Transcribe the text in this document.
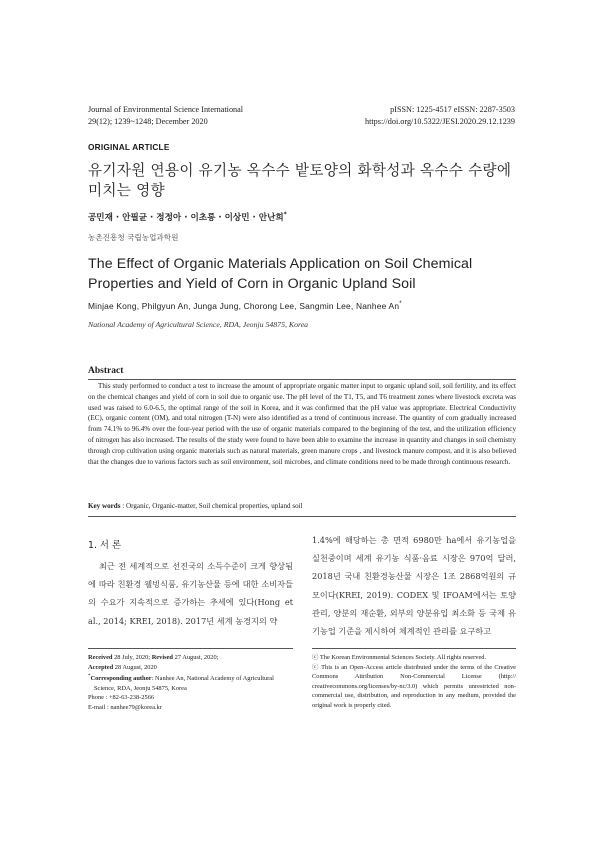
Journal of Environmental Science International
29(12); 1239~1248; December 2020
pISSN: 1225-4517 eISSN: 2287-3503
https://doi.org/10.5322/JESI.2020.29.12.1239
ORIGINAL ARTICLE
유기자원 연용이 유기농 옥수수 밭토양의 화학성과 옥수수 수량에
미치는 영향
공민재 · 안필균 · 정정아 · 이초롱 · 이상민 · 안난희*
농촌진흥청 국립농업과학원
The Effect of Organic Materials Application on Soil Chemical
Properties and Yield of Corn in Organic Upland Soil
Minjae Kong, Philgyun An, Junga Jung, Chorong Lee, Sangmin Lee, Nanhee An*
National Academy of Agricultural Science, RDA, Jeonju 54875, Korea
Abstract
This study performed to conduct a test to increase the amount of appropriate organic matter input to organic upland soil, soil fertility, and its effect on the chemical changes and yield of corn in soil due to organic use. The pH level of the T1, T5, and T6 treatment zones where livestock excreta was used was raised to 6.0-6.5, the optimal range of the soil in Korea, and it was confirmed that the pH value was appropriate. Electrical Conductivity (EC), organic content (OM), and total nitrogen (T-N) were also identified as a trend of continuous increase. The quantity of corn gradually increased from 74.1% to 96.4% over the four-year period with the use of organic materials compared to the beginning of the test, and the utilization efficiency of nitrogen has also increased. The results of the study were found to have been able to examine the increase in quantity and changes in soil chemistry through crop cultivation using organic materials such as natural materials, green manure crops , and livestock manure compost, and it is also believed that the changes due to various factors such as soil environment, soil microbes, and climate conditions need to be made through continuous research.
Key words : Organic, Organic-matter, Soil chemical properties, upland soil
1. 서 론
최근 전 세계적으로 선진국의 소득수준이 크게 향상됨에 따라 친환경 웰빙식품, 유기농산물 등에 대한 소비자들의 수요가 지속적으로 증가하는 추세에 있다(Hong et al., 2014; KREI, 2018). 2017년 세계 농경지의 약
1.4%에 해당하는 총 면적 6980만 ha에서 유기농업을 실천중이며 세계 유기농 식품·음료 시장은 970억 달러, 2018년 국내 친환경농산물 시장은 1조 2868억원의 규모이다(KREI, 2019). CODEX 및 IFOAM에서는 토양관리, 양분의 재순환, 외부의 양분유입 최소화 등 국제 유기농업 기준을 제시하여 체계적인 관리를 요구하고
Received 28 July, 2020; Revised 27 August, 2020;
Accepted 28 August, 2020
*Corresponding author: Nanhee An, National Academy of Agricultural
Science, RDA, Jeonju 54875, Korea
Phone : +82-63-238-2566
E-mail : nanhee79@korea.kr
ⓒ The Korean Environmental Sciences Society. All rights reserved.
ⓒ This is an Open-Access article distributed under the terms of the Creative Commons Attribution Non-Commercial License (http:// creativecommons.org/licenses/by-nc/3.0) which permits unrestricted non-commercial use, distribution, and reproduction in any medium, provided the original work is properly cited.
